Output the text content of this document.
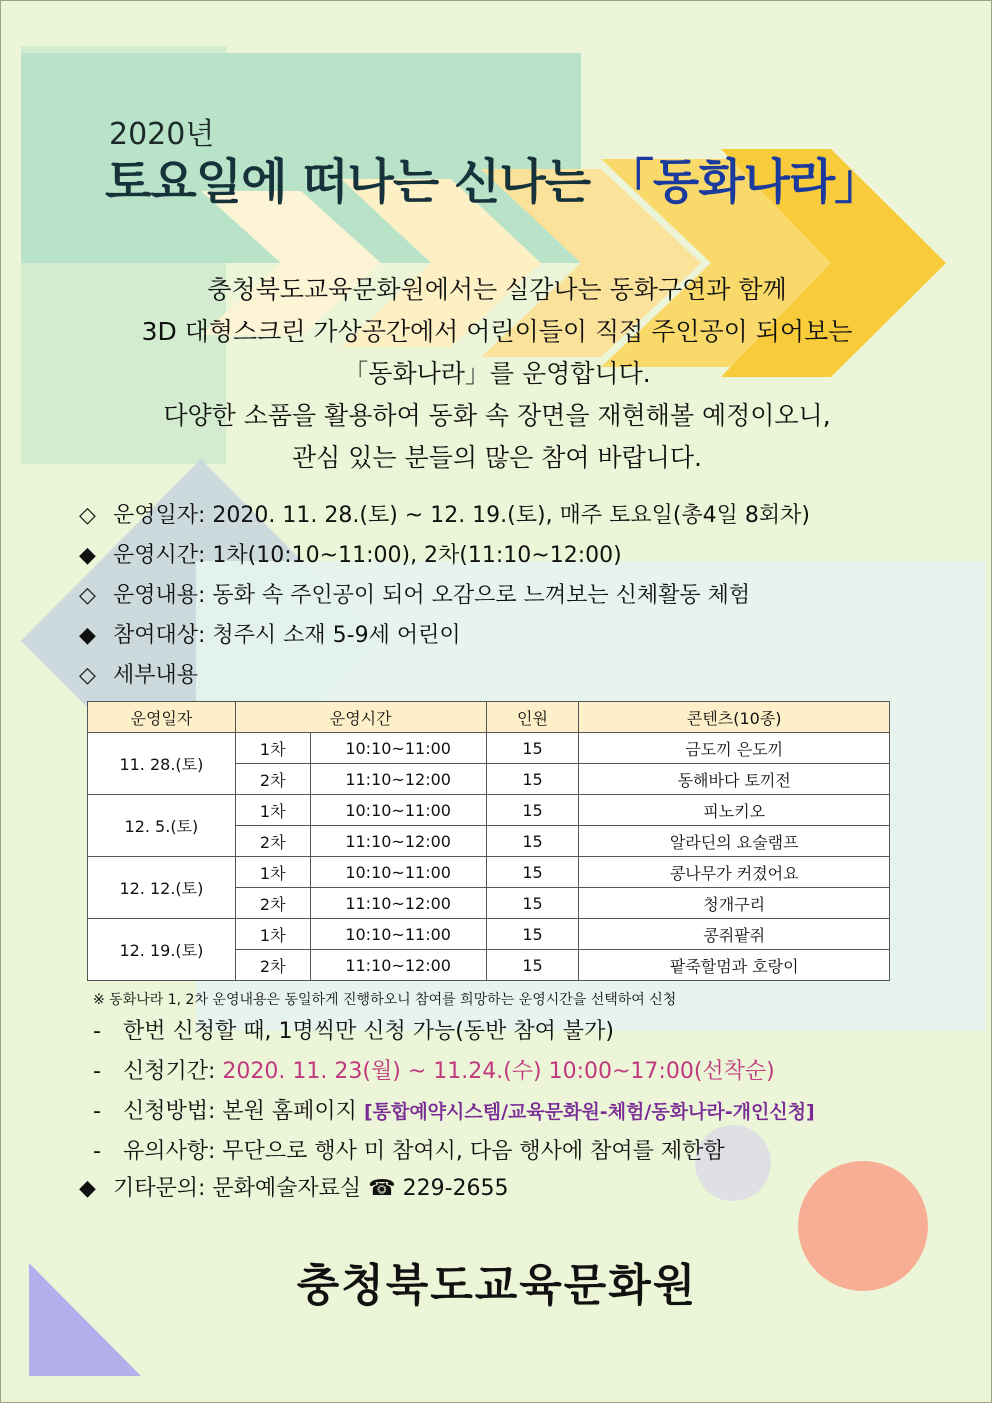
2020년
토요일에 떠나는 신나는 「동화나라」
충청북도교육문화원에서는 실감나는 동화구연과 함께
3D 대형스크린 가상공간에서 어린이들이 직접 주인공이 되어보는
「동화나라」를 운영합니다.
다양한 소품을 활용하여 동화 속 장면을 재현해볼 예정이오니,
관심 있는 분들의 많은 참여 바랍니다.
◇ 운영일자: 2020. 11. 28.(토) ~ 12. 19.(토), 매주 토요일(총4일 8회차)
◆ 운영시간: 1차(10:10~11:00), 2차(11:10~12:00)
◇ 운영내용: 동화 속 주인공이 되어 오감으로 느껴보는 신체활동 체험
◆ 참여대상: 청주시 소재 5-9세 어린이
◇ 세부내용
운영일자	운영시간		인원	콘텐츠(10종)
11. 28.(토)	1차	10:10~11:00	15	금도끼 은도끼
	2차	11:10~12:00	15	동해바다 토끼전
12. 5.(토)	1차	10:10~11:00	15	피노키오
	2차	11:10~12:00	15	알라딘의 요술램프
12. 12.(토)	1차	10:10~11:00	15	콩나무가 커졌어요
	2차	11:10~12:00	15	청개구리
12. 19.(토)	1차	10:10~11:00	15	콩쥐팥쥐
	2차	11:10~12:00	15	팥죽할멈과 호랑이
※ 동화나라 1, 2차 운영내용은 동일하게 진행하오니 참여를 희망하는 운영시간을 선택하여 신청
- 한번 신청할 때, 1명씩만 신청 가능(동반 참여 불가)
- 신청기간: 2020. 11. 23(월) ~ 11.24.(수) 10:00~17:00(선착순)
- 신청방법: 본원 홈페이지 [통합예약시스템/교육문화원-체험/동화나라-개인신청]
- 유의사항: 무단으로 행사 미 참여시, 다음 행사에 참여를 제한함
◆ 기타문의: 문화예술자료실 ☎ 229-2655
충청북도교육문화원
